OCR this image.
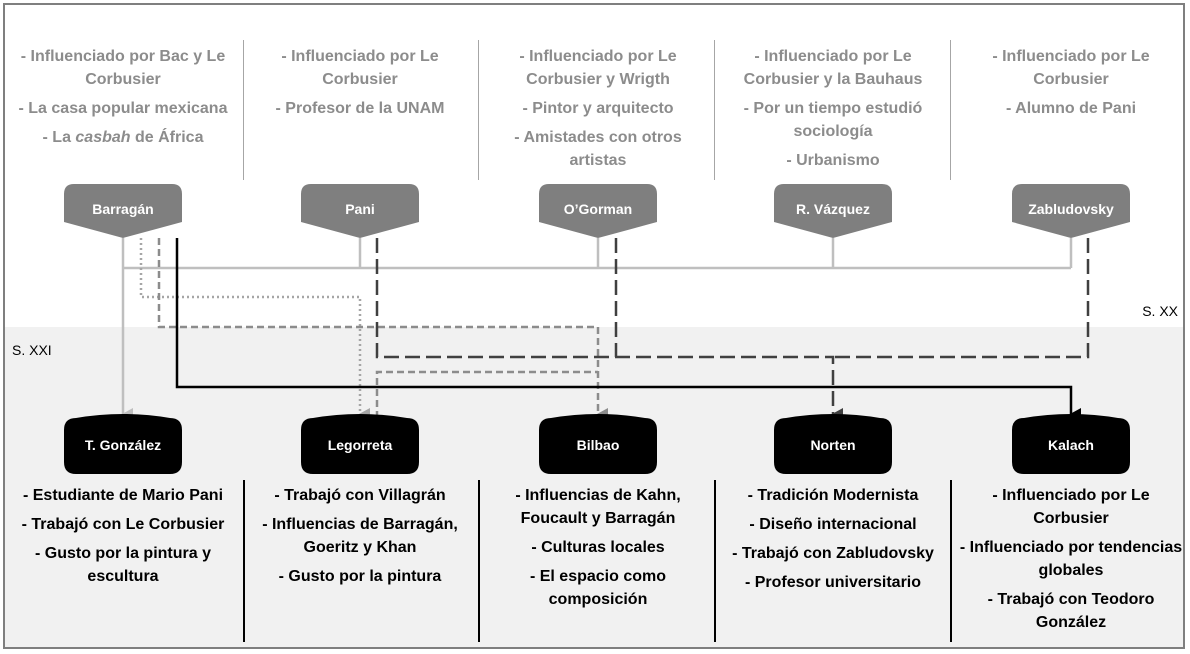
S. XX
S. XXI
- Influenciado por Bac y Le Corbusier
- La casa popular mexicana
- La casbah de África
- Influenciado por Le Corbusier
- Profesor de la UNAM
- Influenciado por Le Corbusier y Wrigth
- Pintor y arquitecto
- Amistades con otros artistas
- Influenciado por Le Corbusier y la Bauhaus
- Por un tiempo estudió sociología
- Urbanismo
- Influenciado por Le Corbusier
- Alumno de Pani
- Estudiante de Mario Pani
- Trabajó con Le Corbusier
- Gusto por la pintura y escultura
- Trabajó con Villagrán
- Influencias de Barragán, Goeritz y Khan
- Gusto por la pintura
- Influencias de Kahn, Foucault y Barragán
- Culturas locales
- El espacio como composición
- Tradición Modernista
- Diseño internacional
- Trabajó con Zabludovsky
- Profesor universitario
- Influenciado por Le Corbusier
- Influenciado por tendencias globales
- Trabajó con Teodoro González
Barragán	Pani	O’Gorman	R. Vázquez	Zabludovsky
T. González	Legorreta	Bilbao	Norten	Kalach
